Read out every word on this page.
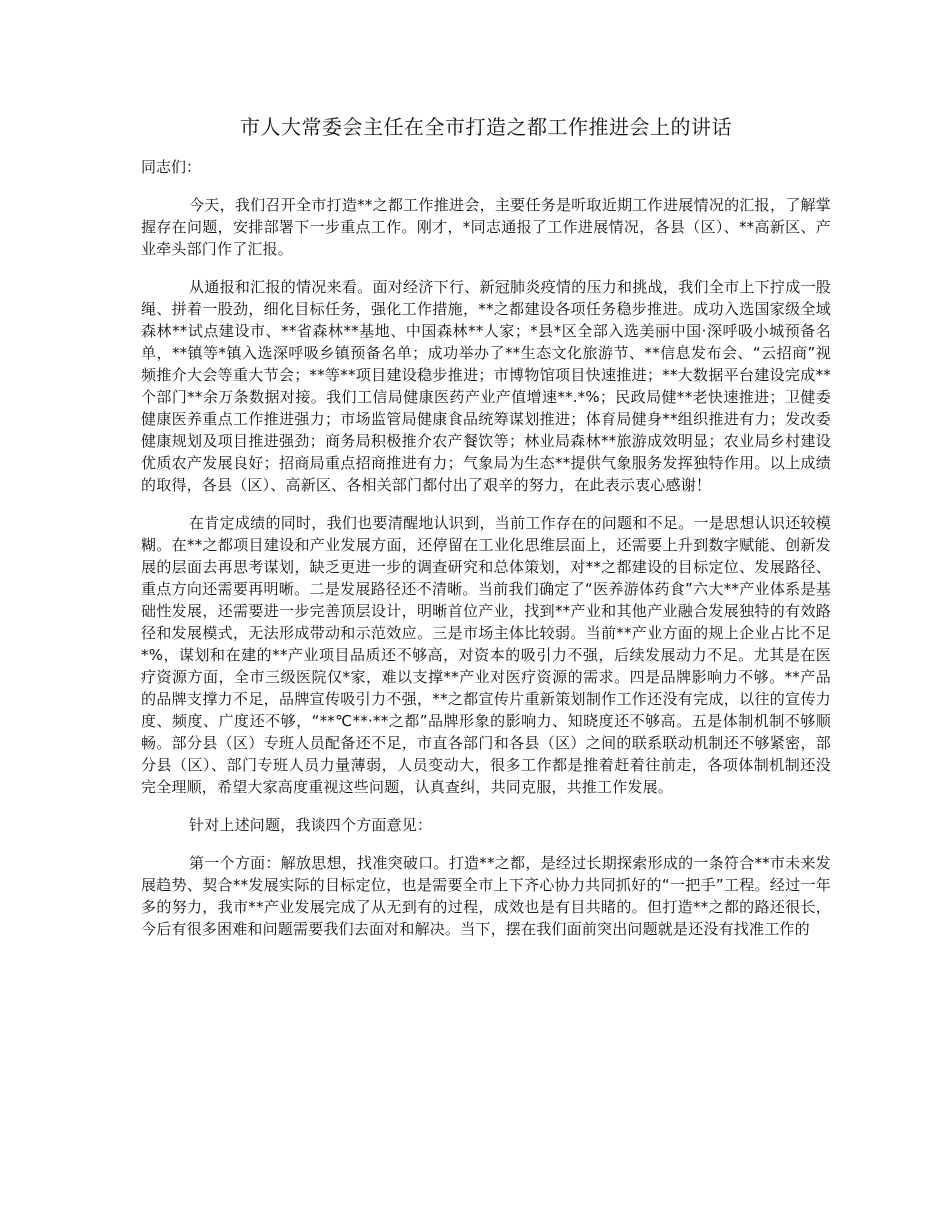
市人大常委会主任在全市打造之都工作推进会上的讲话
同志们：

今天，我们召开全市打造**之都工作推进会，主要任务是听取近期工作进展情况的汇报，了解掌握存在问题，安排部署下一步重点工作。刚才，*同志通报了工作进展情况，各县（区）、**高新区、产业牵头部门作了汇报。

从通报和汇报的情况来看。面对经济下行、新冠肺炎疫情的压力和挑战，我们全市上下拧成一股绳、拼着一股劲，细化目标任务，强化工作措施，**之都建设各项任务稳步推进。成功入选国家级全域森林**试点建设市、**省森林**基地、中国森林**人家；*县*区全部入选美丽中国·深呼吸小城预备名单，**镇等*镇入选深呼吸乡镇预备名单；成功举办了**生态文化旅游节、**信息发布会、“云招商”视频推介大会等重大节会；**等**项目建设稳步推进；市博物馆项目快速推进；**大数据平台建设完成**个部门**余万条数据对接。我们工信局健康医药产业产值增速**.*%；民政局健**老快速推进；卫健委健康医养重点工作推进强力；市场监管局健康食品统筹谋划推进；体育局健身**组织推进有力；发改委健康规划及项目推进强劲；商务局积极推介农产餐饮等；林业局森林**旅游成效明显；农业局乡村建设优质农产发展良好；招商局重点招商推进有力；气象局为生态**提供气象服务发挥独特作用。以上成绩的取得，各县（区）、高新区、各相关部门都付出了艰辛的努力，在此表示衷心感谢！

在肯定成绩的同时，我们也要清醒地认识到，当前工作存在的问题和不足。一是思想认识还较模糊。在**之都项目建设和产业发展方面，还停留在工业化思维层面上，还需要上升到数字赋能、创新发展的层面去再思考谋划，缺乏更进一步的调查研究和总体策划，对**之都建设的目标定位、发展路径、重点方向还需要再明晰。二是发展路径还不清晰。当前我们确定了“医养游体药食”六大**产业体系是基础性发展，还需要进一步完善顶层设计，明晰首位产业，找到**产业和其他产业融合发展独特的有效路径和发展模式，无法形成带动和示范效应。三是市场主体比较弱。当前**产业方面的规上企业占比不足*%，谋划和在建的**产业项目品质还不够高，对资本的吸引力不强，后续发展动力不足。尤其是在医疗资源方面，全市三级医院仅*家，难以支撑**产业对医疗资源的需求。四是品牌影响力不够。**产品的品牌支撑力不足，品牌宣传吸引力不强，**之都宣传片重新策划制作工作还没有完成，以往的宣传力度、频度、广度还不够，“**℃**·**之都”品牌形象的影响力、知晓度还不够高。五是体制机制不够顺畅。部分县（区）专班人员配备还不足，市直各部门和各县（区）之间的联系联动机制还不够紧密，部分县（区）、部门专班人员力量薄弱，人员变动大，很多工作都是推着赶着往前走，各项体制机制还没完全理顺，希望大家高度重视这些问题，认真查纠，共同克服，共推工作发展。

针对上述问题，我谈四个方面意见：

第一个方面：解放思想，找准突破口。打造**之都，是经过长期探索形成的一条符合**市未来发展趋势、契合**发展实际的目标定位，也是需要全市上下齐心协力共同抓好的“一把手”工程。经过一年多的努力，我市**产业发展完成了从无到有的过程，成效也是有目共睹的。但打造**之都的路还很长，今后有很多困难和问题需要我们去面对和解决。当下，摆在我们面前突出问题就是还没有找准工作的
